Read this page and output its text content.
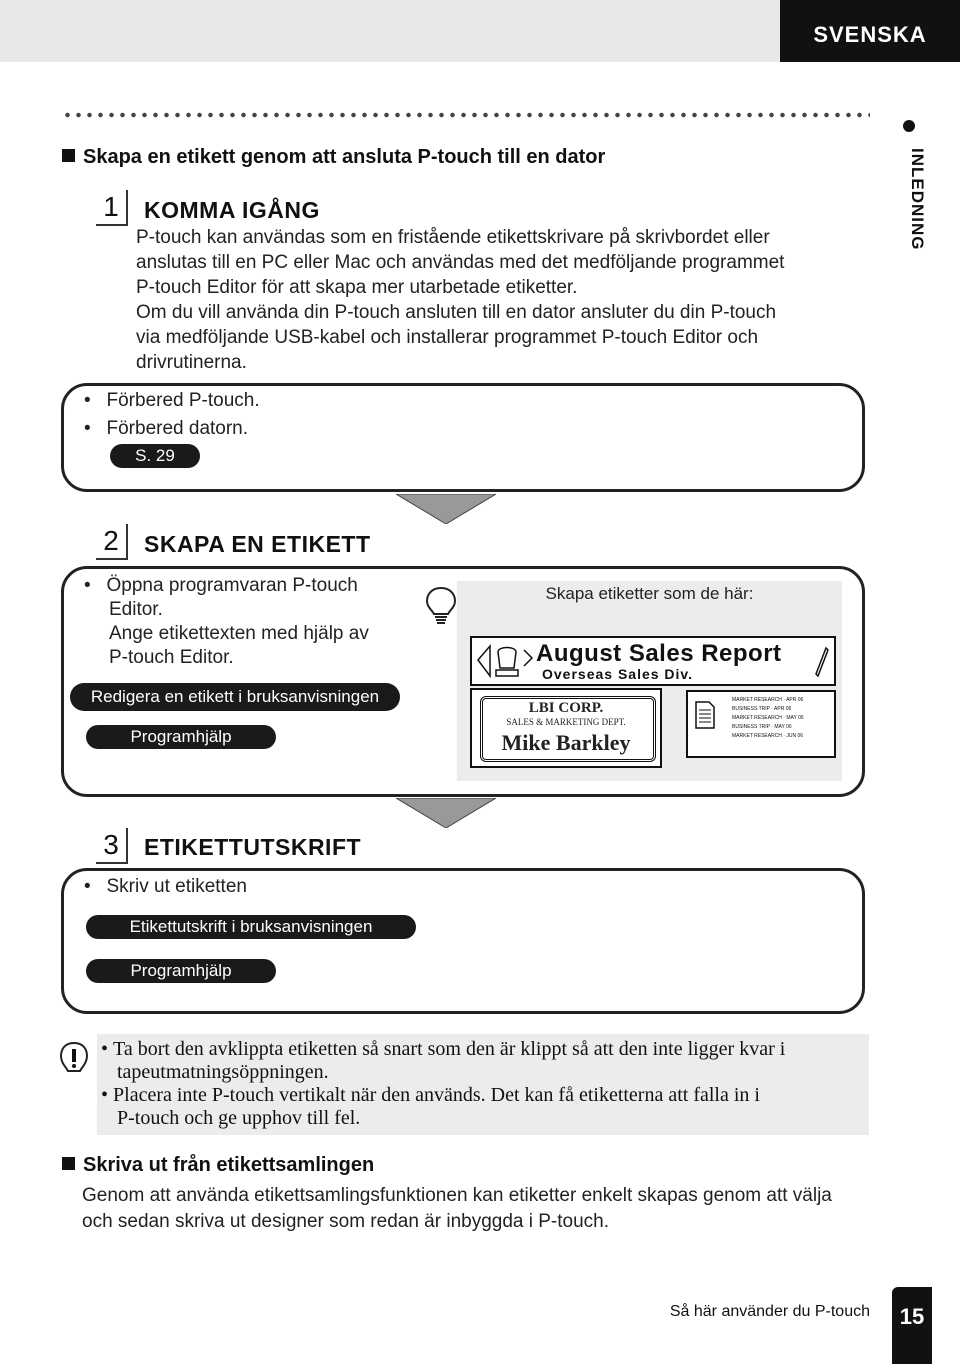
SVENSKA
INLEDNING
Skapa en etikett genom att ansluta P-touch till en dator
1	KOMMA IGÅNG
P-touch kan användas som en fristående etikettskrivare på skrivbordet eller
anslutas till en PC eller Mac och användas med det medföljande programmet
P-touch Editor för att skapa mer utarbetade etiketter.
Om du vill använda din P-touch ansluten till en dator ansluter du din P-touch
via medföljande USB-kabel och installerar programmet P-touch Editor och
drivrutinerna.
•   Förbered P-touch.
•   Förbered datorn.
S. 29
2	SKAPA EN ETIKETT
•   Öppna programvaran P-touch
Editor.
Ange etikettexten med hjälp av
P-touch Editor.
Redigera en etikett i bruksanvisningen
Programhjälp
Skapa etiketter som de här:
August Sales Report
Overseas Sales Div.
LBI CORP.
SALES & MARKETING DEPT.
Mike Barkley
MARKET RESEARCH · APR 06
BUSINESS TRIP · APR 06
MARKET RESEARCH · MAY 06
BUSINESS TRIP · MAY 06
MARKET RESEARCH · JUN 06
3	ETIKETTUTSKRIFT
•   Skriv ut etiketten
Etikettutskrift i bruksanvisningen
Programhjälp
• Ta bort den avklippta etiketten så snart som den är klippt så att den inte ligger kvar i
tapeutmatningsöppningen.
• Placera inte P-touch vertikalt när den används. Det kan få etiketterna att falla in i
P-touch och ge upphov till fel.
Skriva ut från etikettsamlingen
Genom att använda etikettsamlingsfunktionen kan etiketter enkelt skapas genom att välja
och sedan skriva ut designer som redan är inbyggda i P-touch.
Så här använder du P-touch	15
